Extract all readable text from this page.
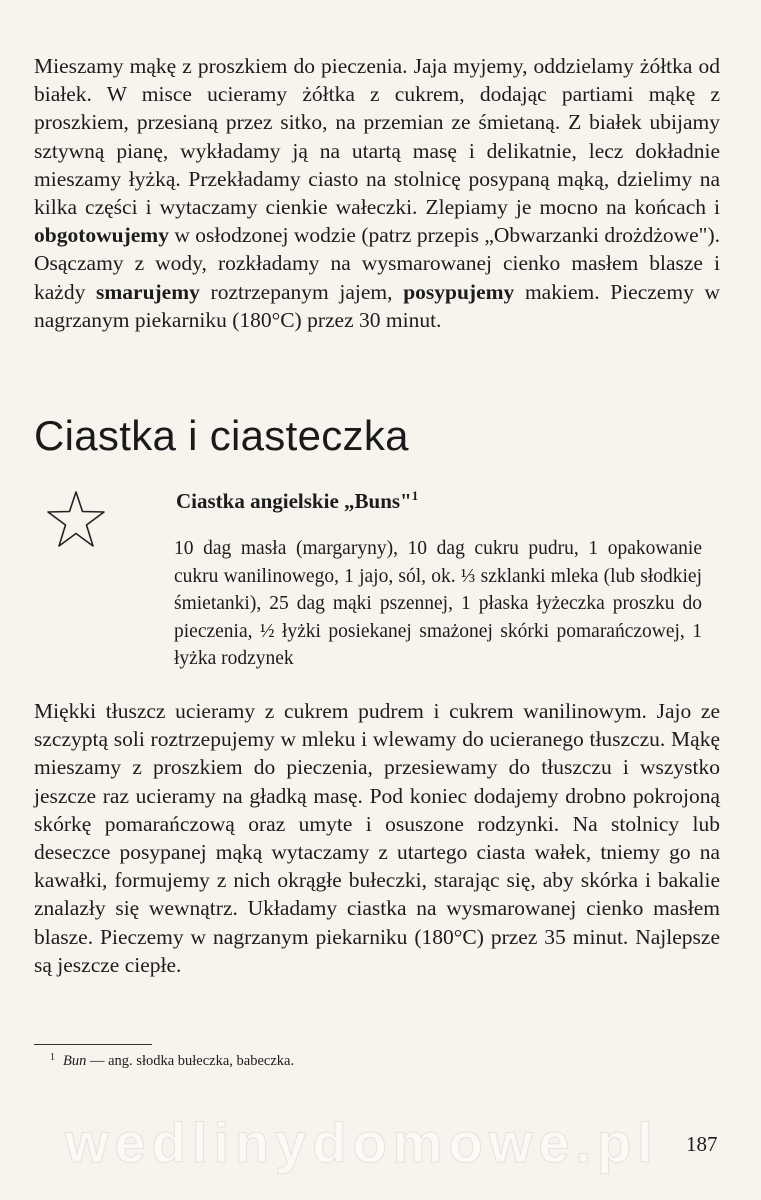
Mieszamy mąkę z proszkiem do pieczenia. Jaja myjemy, oddzielamy żółtka od białek. W misce ucieramy żółtka z cukrem, dodając partiami mąkę z proszkiem, przesianą przez sitko, na przemian ze śmietaną. Z białek ubijamy sztywną pianę, wykładamy ją na utartą masę i delikatnie, lecz dokładnie mieszamy łyżką. Przekładamy ciasto na stolnicę posypaną mąką, dzielimy na kilka części i wytaczamy cienkie wałeczki. Zlepiamy je mocno na końcach i obgotowujemy w osłodzonej wodzie (patrz przepis „Obwarzanki drożdżowe"). Osączamy z wody, rozkładamy na wysmarowanej cienko masłem blasze i każdy smarujemy roztrzepanym jajem, posypujemy makiem. Pieczemy w nagrzanym piekarniku (180°C) przez 30 minut.

Ciastka i ciasteczka
Ciastka angielskie „Buns"$^1$

10 dag masła (margaryny), 10 dag cukru pudru, 1 opakowanie cukru wanilinowego, 1 jajo, sól, ok. ⅓ szklanki mleka (lub słodkiej śmietanki), 25 dag mąki pszennej, 1 płaska łyżeczka proszku do pieczenia, ½ łyżki posiekanej smażonej skórki pomarańczowej, 1 łyżka rodzynek

Miękki tłuszcz ucieramy z cukrem pudrem i cukrem wanilinowym. Jajo ze szczyptą soli roztrzepujemy w mleku i wlewamy do ucieranego tłuszczu. Mąkę mieszamy z proszkiem do pieczenia, przesiewamy do tłuszczu i wszystko jeszcze raz ucieramy na gładką masę. Pod koniec dodajemy drobno pokrojoną skórkę pomarańczową oraz umyte i osuszone rodzynki. Na stolnicy lub deseczce posypanej mąką wytaczamy z utartego ciasta wałek, tniemy go na kawałki, formujemy z nich okrągłe bułeczki, starając się, aby skórka i bakalie znalazły się wewnątrz. Układamy ciastka na wysmarowanej cienko masłem blasze. Pieczemy w nagrzanym piekarniku (180°C) przez 35 minut. Najlepsze są jeszcze ciepłe.

$^1$ Bun — ang. słodka bułeczka, babeczka.

wedlinydomowe.pl	187
